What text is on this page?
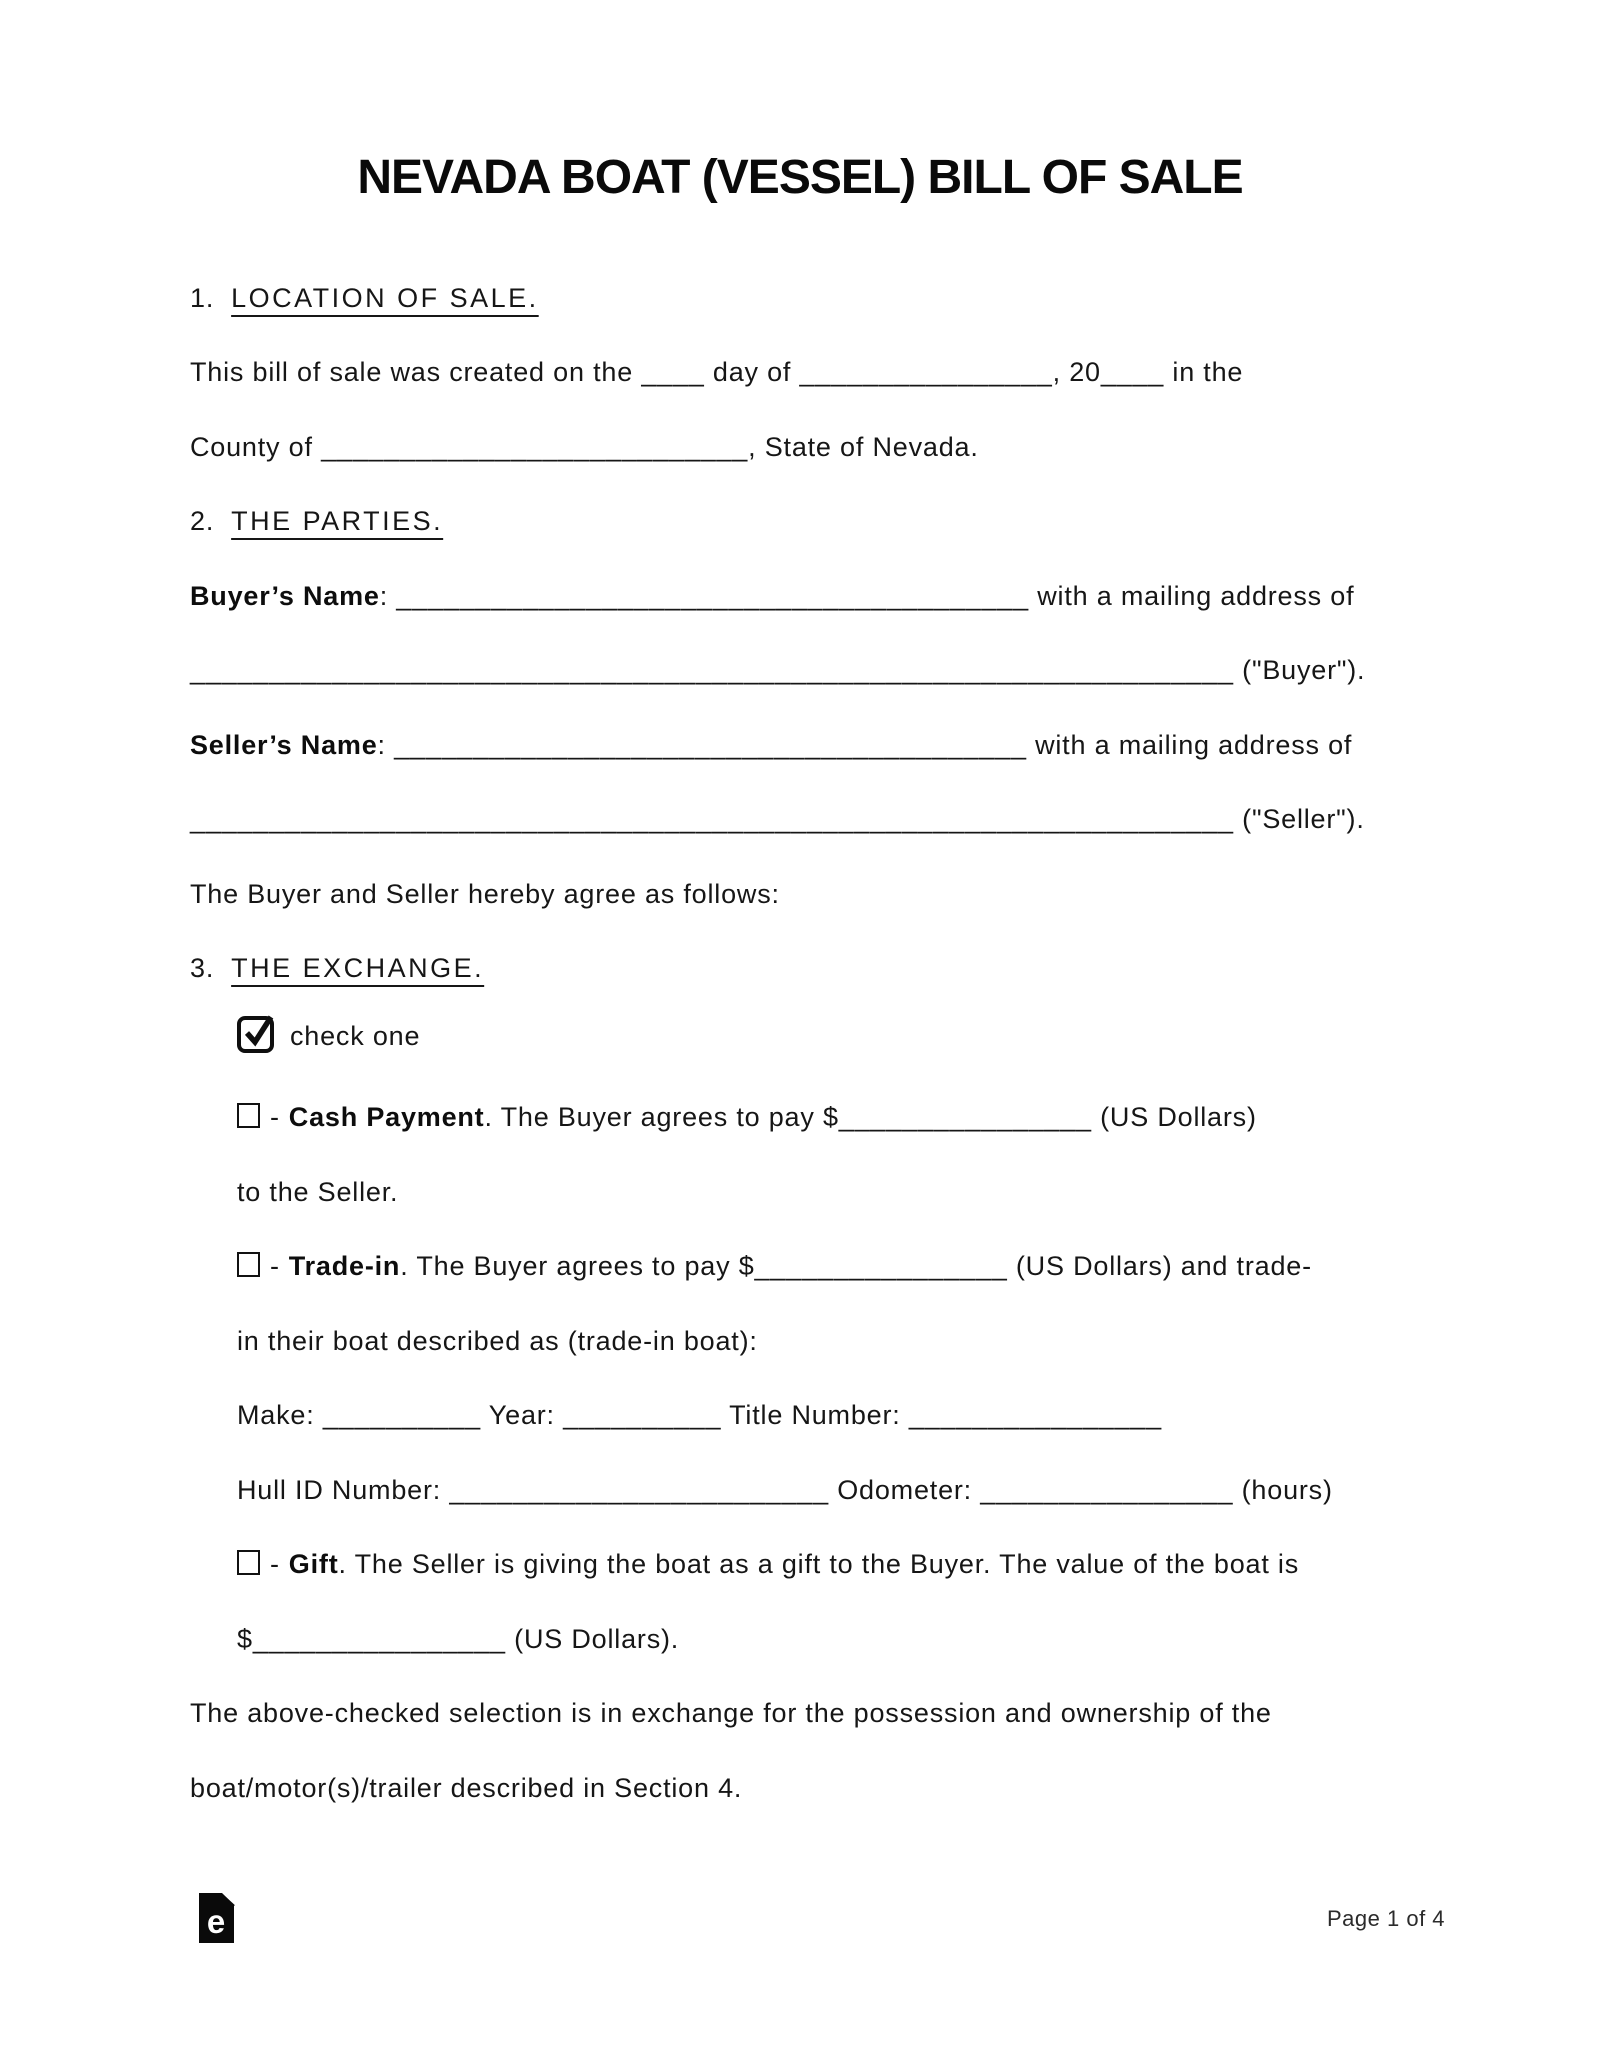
NEVADA BOAT (VESSEL) BILL OF SALE
1. LOCATION OF SALE.
This bill of sale was created on the ____ day of ________________, 20____ in the
County of ___________________________, State of Nevada.
2. THE PARTIES.
Buyer’s Name: ________________________________________ with a mailing address of
__________________________________________________________________ ("Buyer").
Seller’s Name: ________________________________________ with a mailing address of
__________________________________________________________________ ("Seller").
The Buyer and Seller hereby agree as follows:
3. THE EXCHANGE.
check one
- Cash Payment. The Buyer agrees to pay $________________ (US Dollars)
to the Seller.
- Trade-in. The Buyer agrees to pay $________________ (US Dollars) and trade-
in their boat described as (trade-in boat):
Make: __________ Year: __________ Title Number: ________________
Hull ID Number: ________________________ Odometer: ________________ (hours)
- Gift. The Seller is giving the boat as a gift to the Buyer. The value of the boat is
$________________ (US Dollars).
The above-checked selection is in exchange for the possession and ownership of the
boat/motor(s)/trailer described in Section 4.
e	Page 1 of 4
